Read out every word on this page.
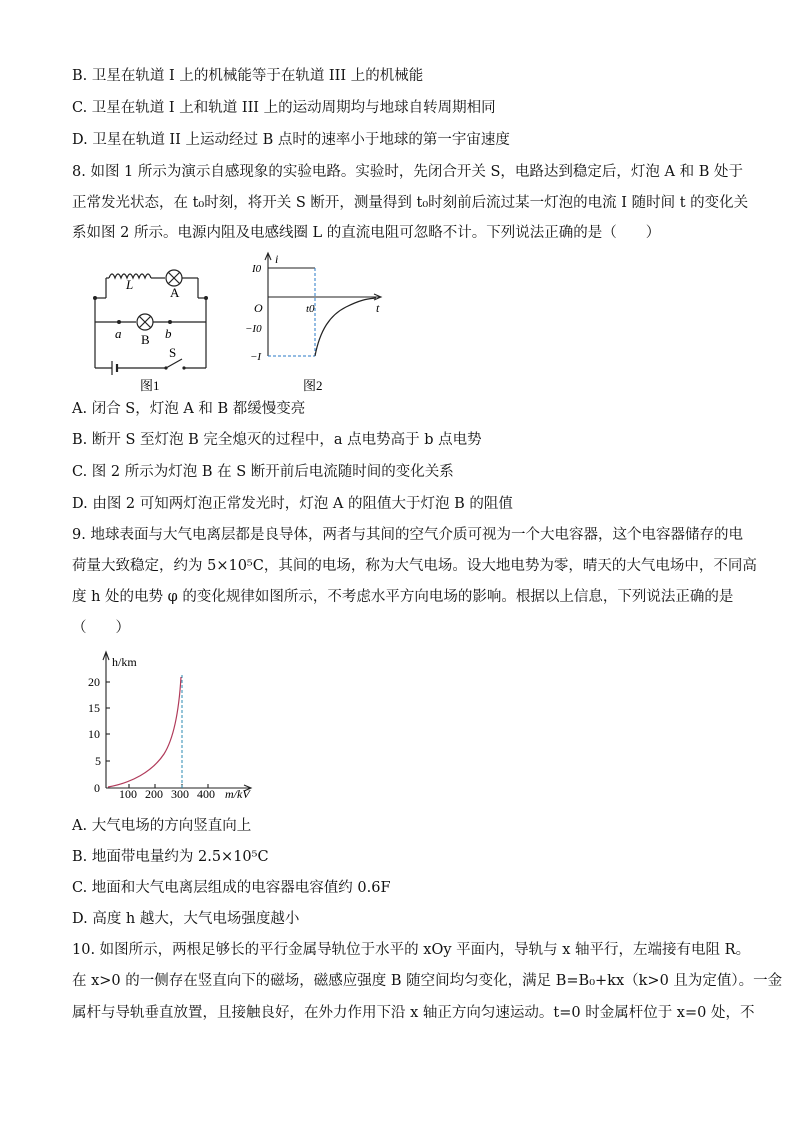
B. 卫星在轨道 I 上的机械能等于在轨道 III 上的机械能
C. 卫星在轨道 I 上和轨道 III 上的运动周期均与地球自转周期相同
D. 卫星在轨道 II 上运动经过 B 点时的速率小于地球的第一宇宙速度
8. 如图 1 所示为演示自感现象的实验电路。实验时，先闭合开关 S，电路达到稳定后，灯泡 A 和 B 处于
正常发光状态，在 t₀时刻，将开关 S 断开，测量得到 t₀时刻前后流过某一灯泡的电流 I 随时间 t 的变化关
系如图 2 所示。电源内阻及电感线圈 L 的直流电阻可忽略不计。下列说法正确的是（　　）
L
A
a B b
S
图1
i
I0
O
−I0
−I
t0	t
图2
A. 闭合 S，灯泡 A 和 B 都缓慢变亮
B. 断开 S 至灯泡 B 完全熄灭的过程中，a 点电势高于 b 点电势
C. 图 2 所示为灯泡 B 在 S 断开前后电流随时间的变化关系
D. 由图 2 可知两灯泡正常发光时，灯泡 A 的阻值大于灯泡 B 的阻值
9. 地球表面与大气电离层都是良导体，两者与其间的空气介质可视为一个大电容器，这个电容器储存的电
荷量大致稳定，约为 5×10⁵C，其间的电场，称为大气电场。设大地电势为零，晴天的大气电场中，不同高
度 h 处的电势 φ 的变化规律如图所示，不考虑水平方向电场的影响。根据以上信息，下列说法正确的是
（　　）
h/km
20
15
10
5
0 100 200 300 400 m/kV
A. 大气电场的方向竖直向上
B. 地面带电量约为 2.5×10⁵C
C. 地面和大气电离层组成的电容器电容值约 0.6F
D. 高度 h 越大，大气电场强度越小
10. 如图所示，两根足够长的平行金属导轨位于水平的 xOy 平面内，导轨与 x 轴平行，左端接有电阻 R。
在 x>0 的一侧存在竖直向下的磁场，磁感应强度 B 随空间均匀变化，满足 B=B₀+kx（k>0 且为定值）。一金
属杆与导轨垂直放置，且接触良好，在外力作用下沿 x 轴正方向匀速运动。t=0 时金属杆位于 x=0 处，不
